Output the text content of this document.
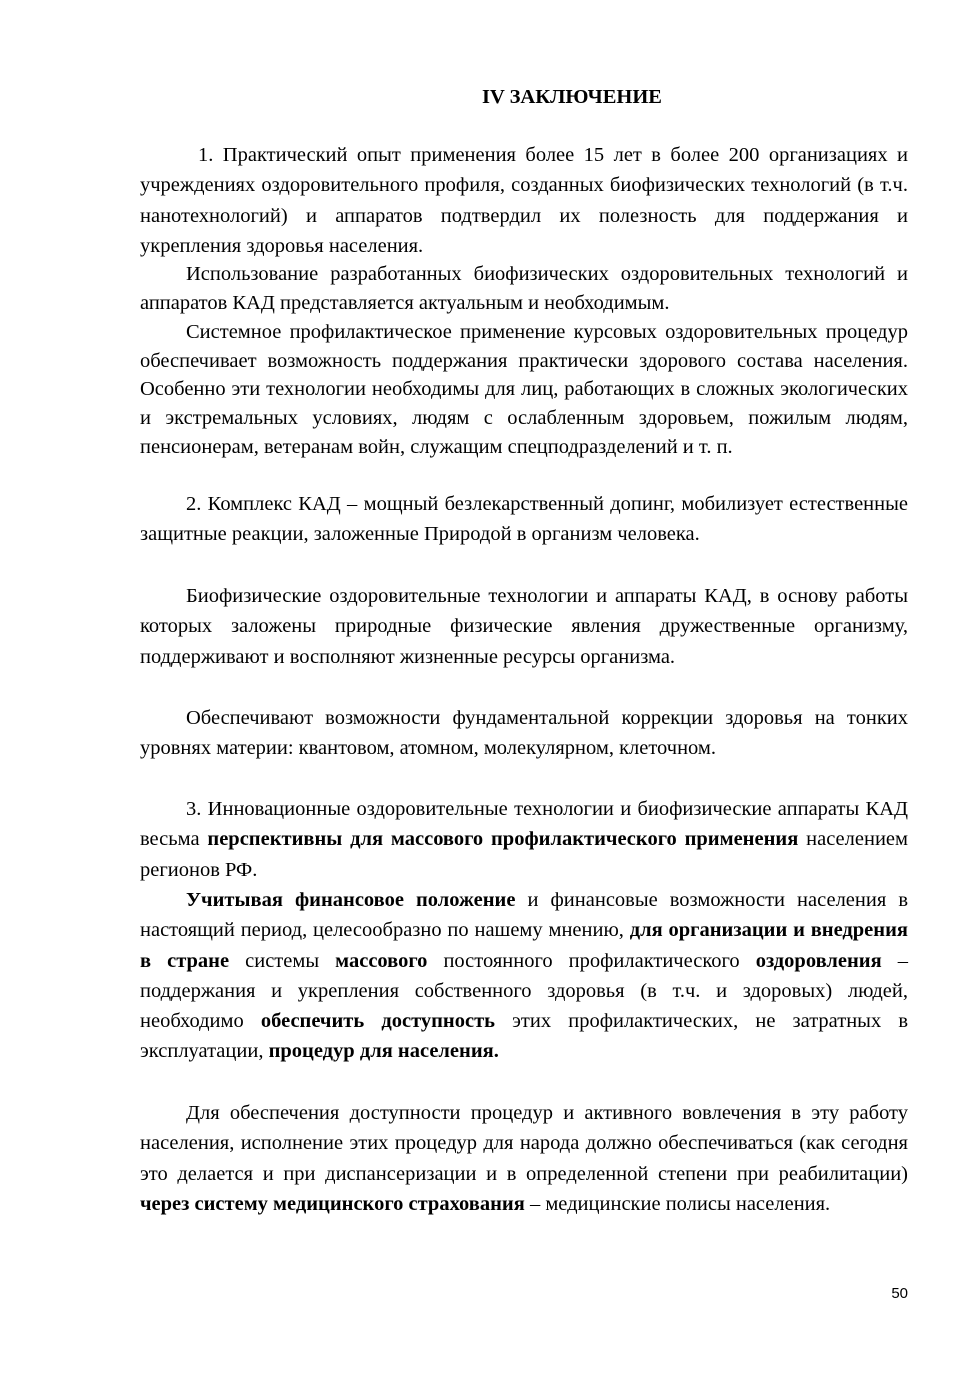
IV ЗАКЛЮЧЕНИЕ

1. Практический опыт применения более 15 лет в более 200 организациях и учреждениях оздоровительного профиля, созданных биофизических технологий (в т.ч. нанотехнологий) и аппаратов подтвердил их полезность для поддержания и укрепления здоровья населения.

Использование разработанных биофизических оздоровительных технологий и аппаратов КАД представляется актуальным и необходимым.

Системное профилактическое применение курсовых оздоровительных процедур обеспечивает возможность поддержания практически здорового состава населения. Особенно эти технологии необходимы для лиц, работающих в сложных экологических и экстремальных условиях, людям с ослабленным здоровьем, пожилым людям, пенсионерам, ветеранам войн, служащим спецподразделений и т. п.

2. Комплекс КАД – мощный безлекарственный допинг, мобилизует естественные защитные реакции, заложенные Природой в организм человека.

Биофизические оздоровительные технологии и аппараты КАД, в основу работы которых заложены природные физические явления дружественные организму, поддерживают и восполняют жизненные ресурсы организма.

Обеспечивают возможности фундаментальной коррекции здоровья на тонких уровнях материи: квантовом, атомном, молекулярном, клеточном.

3. Инновационные оздоровительные технологии и биофизические аппараты КАД весьма перспективны для массового профилактического применения населением регионов РФ.

Учитывая финансовое положение и финансовые возможности населения в настоящий период, целесообразно по нашему мнению, для организации и внедрения в стране системы массового постоянного профилактического оздоровления – поддержания и укрепления собственного здоровья (в т.ч. и здоровых) людей, необходимо обеспечить доступность этих профилактических, не затратных в эксплуатации, процедур для населения.

Для обеспечения доступности процедур и активного вовлечения в эту работу населения, исполнение этих процедур для народа должно обеспечиваться (как сегодня это делается и при диспансеризации и в определенной степени при реабилитации) через систему медицинского страхования – медицинские полисы населения.

50
